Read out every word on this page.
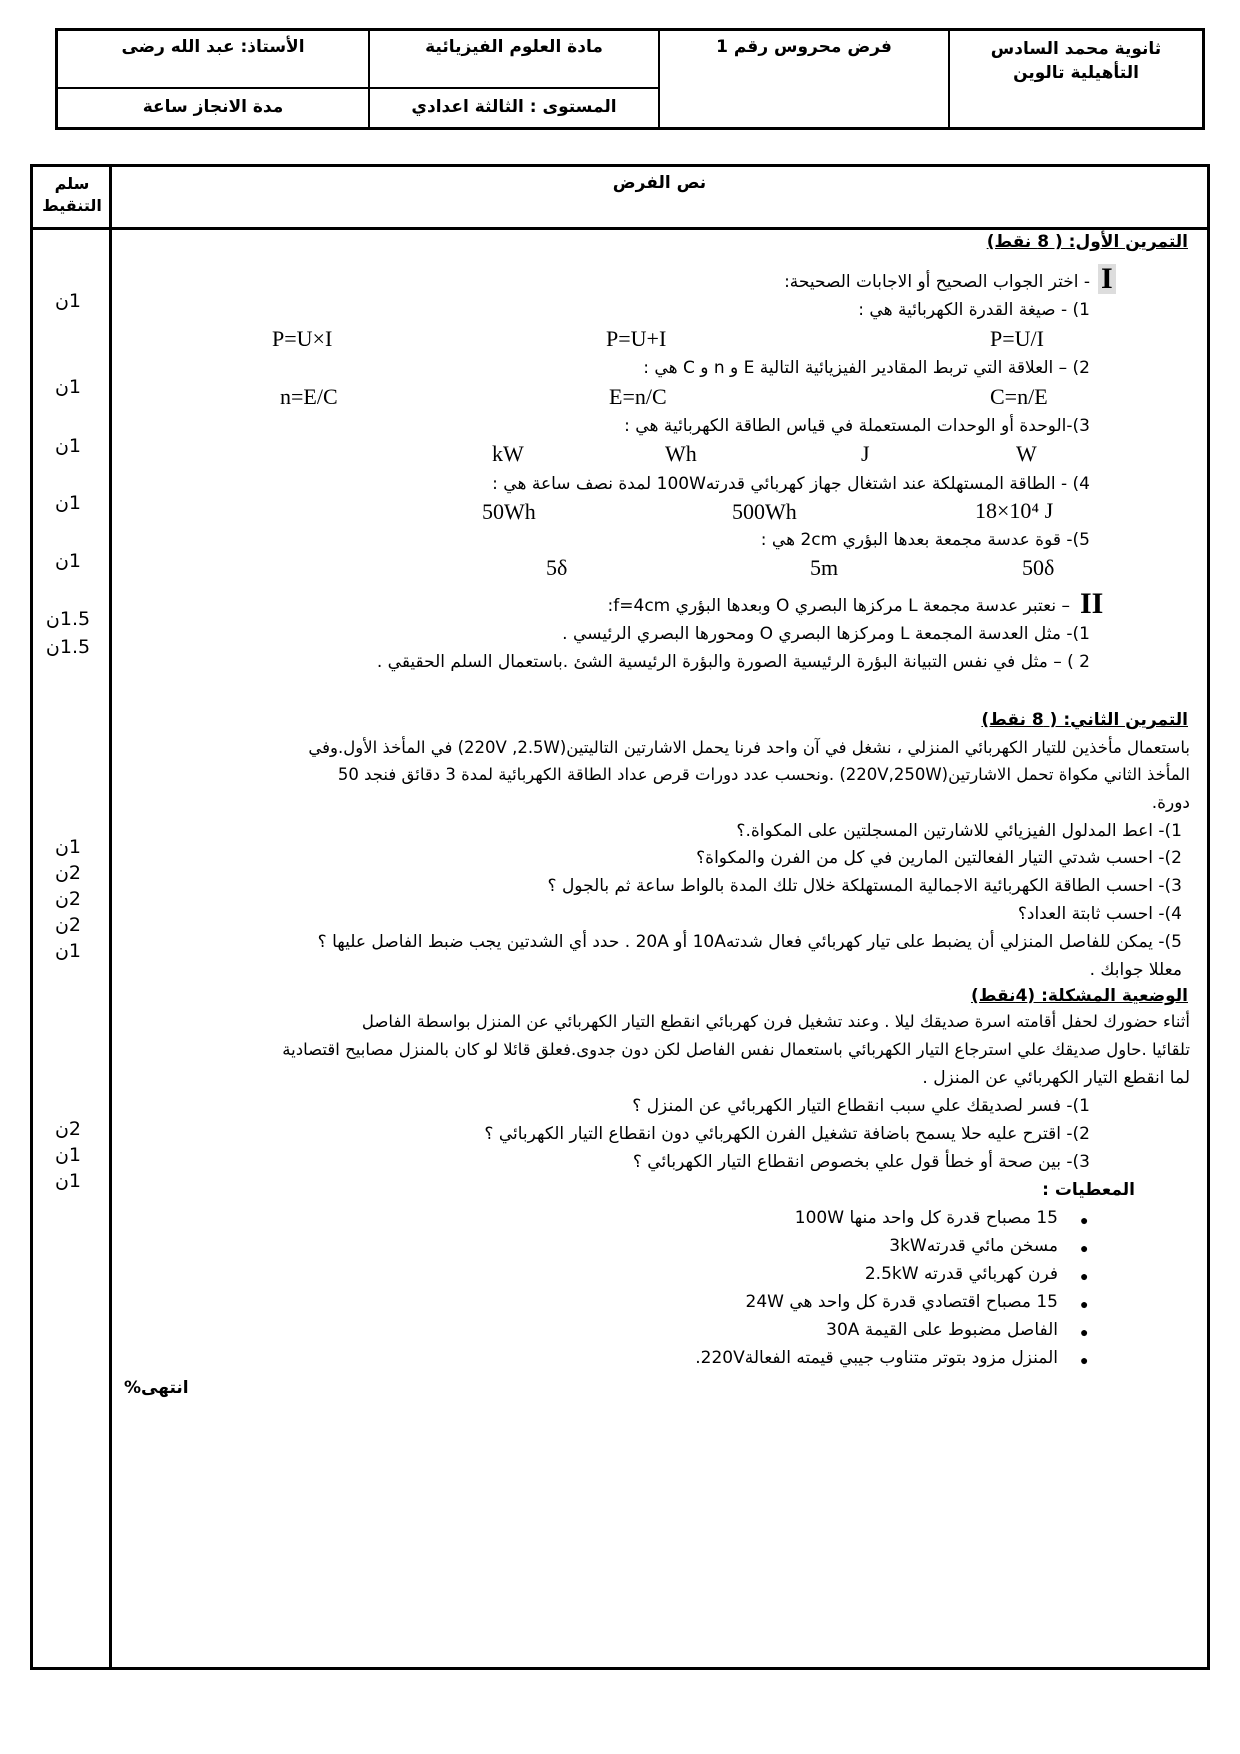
الأستاذ: عبد الله رضى
مدة الانجاز ساعة
مادة العلوم الفيزيائية
المستوى : الثالثة اعدادي
فرض محروس رقم 1	ثانوية محمد السادس التأهيلية تالوين
سلم التنقيط
نص الفرض
1ن
1ن
1ن
1ن
1ن
1.5ن
1.5ن
1ن
2ن
2ن
2ن
1ن
2ن
1ن
1ن
التمرين الأول: ( 8 نقط)
I
- اختر الجواب الصحيح أو الاجابات الصحيحة:
1) - صيغة القدرة الكهربائية هي :
P=U/I
P=U+I
P=U×I
2) – العلاقة التي تربط المقادير الفيزيائية التالية E و n و C هي :
C=n/E
E=n/C
n=E/C
3)-الوحدة أو الوحدات المستعملة في قياس الطاقة الكهربائية هي :
W
J
Wh
kW
4) - الطاقة المستهلكة عند اشتغال جهاز كهربائي قدرته100W لمدة نصف ساعة هي :
18×10⁴ J
500Wh
50Wh
5)- قوة عدسة مجمعة بعدها البؤري 2cm هي :
50δ
5m
5δ
II
– نعتبر عدسة مجمعة L مركزها البصري O وبعدها البؤري f=4cm:
1)- مثل العدسة المجمعة L ومركزها البصري O ومحورها البصري الرئيسي .
2 ) – مثل في نفس التبيانة البؤرة الرئيسية الصورة والبؤرة الرئيسية الشئ .باستعمال السلم الحقيقي .
التمرين الثاني: ( 8 نقط)
باستعمال مأخذين للتيار الكهربائي المنزلي ، نشغل في آن واحد فرنا يحمل الاشارتين التاليتين(220V ,2.5W) في المأخذ الأول.وفي
المأخذ الثاني مكواة تحمل الاشارتين(220V,250W) .ونحسب عدد دورات قرص عداد الطاقة الكهربائية لمدة 3 دقائق فنجد 50
دورة.
1)- اعط المدلول الفيزيائي للاشارتين المسجلتين على المكواة.؟
2)- احسب شدتي التيار الفعالتين المارين في كل من الفرن والمكواة؟
3)- احسب الطاقة الكهربائية الاجمالية المستهلكة خلال تلك المدة بالواط ساعة ثم بالجول ؟
4)- احسب ثابتة العداد؟
5)- يمكن للفاصل المنزلي أن يضبط على تيار كهربائي فعال شدته10A أو 20A . حدد أي الشدتين يجب ضبط الفاصل عليها ؟
معللا جوابك .
الوضعية المشكلة: (4نقط)
أثناء حضورك لحفل أقامته اسرة صديقك ليلا . وعند تشغيل فرن كهربائي انقطع التيار الكهربائي عن المنزل بواسطة الفاصل
تلقائيا .حاول صديقك علي استرجاع التيار الكهربائي باستعمال نفس الفاصل لكن دون جدوى.فعلق قائلا لو كان بالمنزل مصابيح اقتصادية
لما انقطع التيار الكهربائي عن المنزل .
1)- فسر لصديقك علي سبب انقطاع التيار الكهربائي عن المنزل ؟
2)- اقترح عليه حلا يسمح باضافة تشغيل الفرن الكهربائي دون انقطاع التيار الكهربائي ؟
3)- بين صحة أو خطأ قول علي بخصوص انقطاع التيار الكهربائي ؟
المعطيات :
●
15 مصباح قدرة كل واحد منها 100W
●
مسخن مائي قدرته3kW
●
فرن كهربائي قدرته 2.5kW
●
15 مصباح اقتصادي قدرة كل واحد هي 24W
●
الفاصل مضبوط على القيمة 30A
●
المنزل مزود بتوتر متناوب جيبي قيمته الفعالة220V.
انتهى%
